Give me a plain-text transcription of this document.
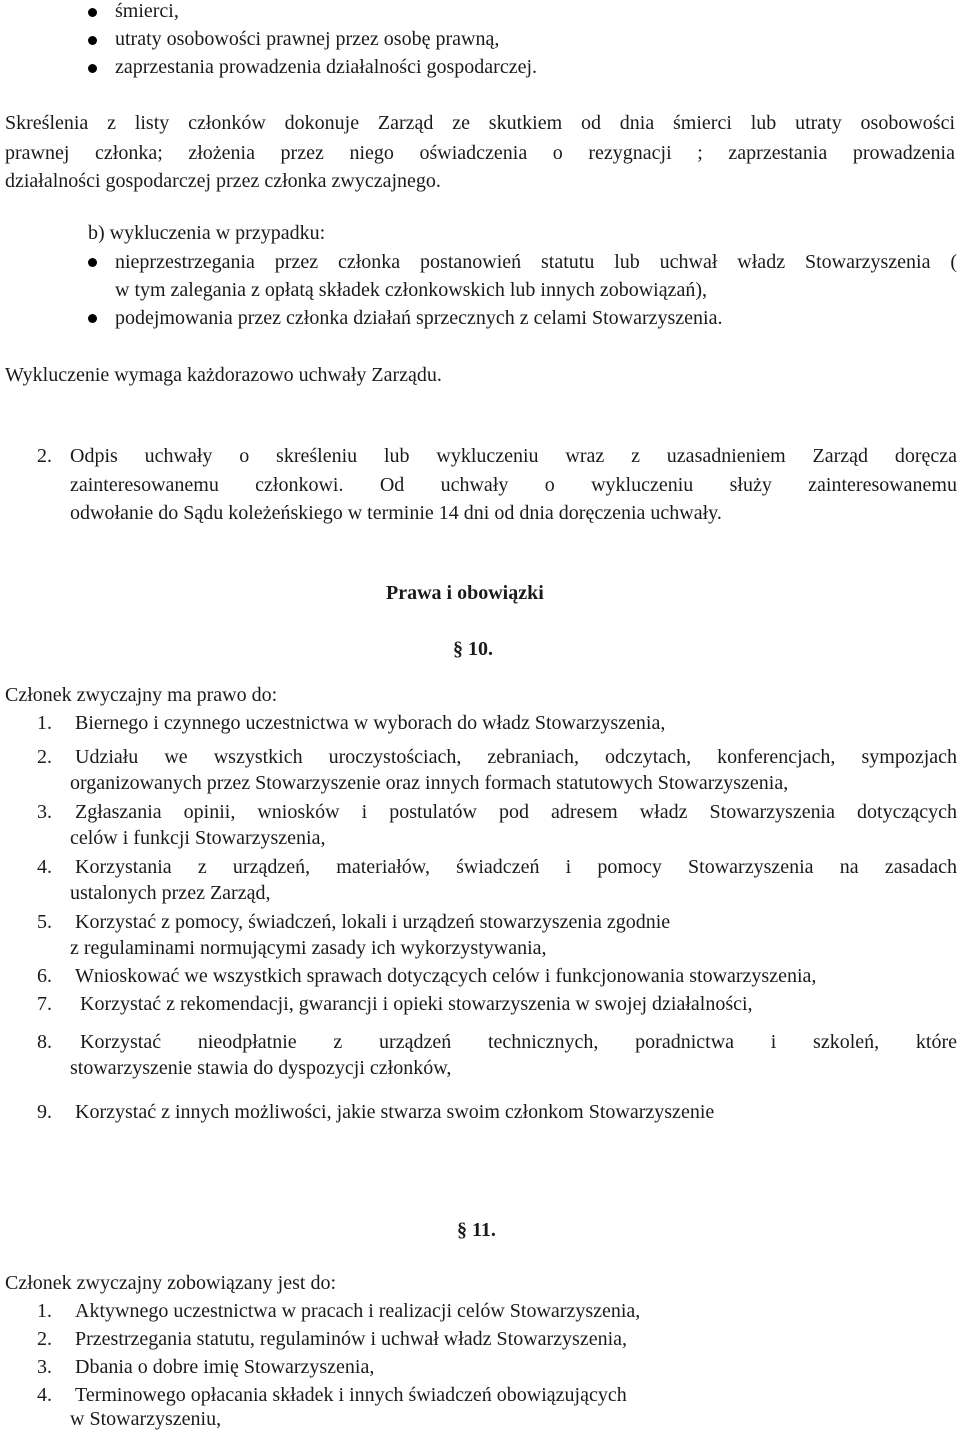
śmierci,
utraty osobowości prawnej przez osobę prawną,
zaprzestania prowadzenia działalności gospodarczej.
Skreślenia z listy członków dokonuje Zarząd ze skutkiem od dnia śmierci lub utraty osobowości
prawnej członka; złożenia przez niego oświadczenia o rezygnacji ; zaprzestania prowadzenia
działalności gospodarczej przez członka zwyczajnego.
b) wykluczenia w przypadku:
nieprzestrzegania przez członka postanowień statutu lub uchwał władz Stowarzyszenia (
w tym zalegania z opłatą składek członkowskich lub innych zobowiązań),
podejmowania przez członka działań sprzecznych z celami Stowarzyszenia.
Wykluczenie wymaga każdorazowo uchwały Zarządu.
2. Odpis uchwały o skreśleniu lub wykluczeniu wraz z uzasadnieniem Zarząd doręcza
zainteresowanemu członkowi. Od uchwały o wykluczeniu służy zainteresowanemu
odwołanie do Sądu koleżeńskiego w terminie 14 dni od dnia doręczenia uchwały.
Prawa i obowiązki
§ 10.
Członek zwyczajny ma prawo do:
1. Biernego i czynnego uczestnictwa w wyborach do władz Stowarzyszenia,
2. Udziału we wszystkich uroczystościach, zebraniach, odczytach, konferencjach, sympozjach
organizowanych przez Stowarzyszenie oraz innych formach statutowych Stowarzyszenia,
3. Zgłaszania opinii, wniosków i postulatów pod adresem władz Stowarzyszenia dotyczących
celów i funkcji Stowarzyszenia,
4. Korzystania z urządzeń, materiałów, świadczeń i pomocy Stowarzyszenia na zasadach
ustalonych przez Zarząd,
5. Korzystać z pomocy, świadczeń, lokali i urządzeń stowarzyszenia zgodnie
z regulaminami normującymi zasady ich wykorzystywania,
6. Wnioskować we wszystkich sprawach dotyczących celów i funkcjonowania stowarzyszenia,
7. Korzystać z rekomendacji, gwarancji i opieki stowarzyszenia w swojej działalności,
8. Korzystać nieodpłatnie z urządzeń technicznych, poradnictwa i szkoleń, które
stowarzyszenie stawia do dyspozycji członków,
9. Korzystać z innych możliwości, jakie stwarza swoim członkom Stowarzyszenie
§ 11.
Członek zwyczajny zobowiązany jest do:
1. Aktywnego uczestnictwa w pracach i realizacji celów Stowarzyszenia,
2. Przestrzegania statutu, regulaminów i uchwał władz Stowarzyszenia,
3. Dbania o dobre imię Stowarzyszenia,
4. Terminowego opłacania składek i innych świadczeń obowiązujących
w Stowarzyszeniu,
